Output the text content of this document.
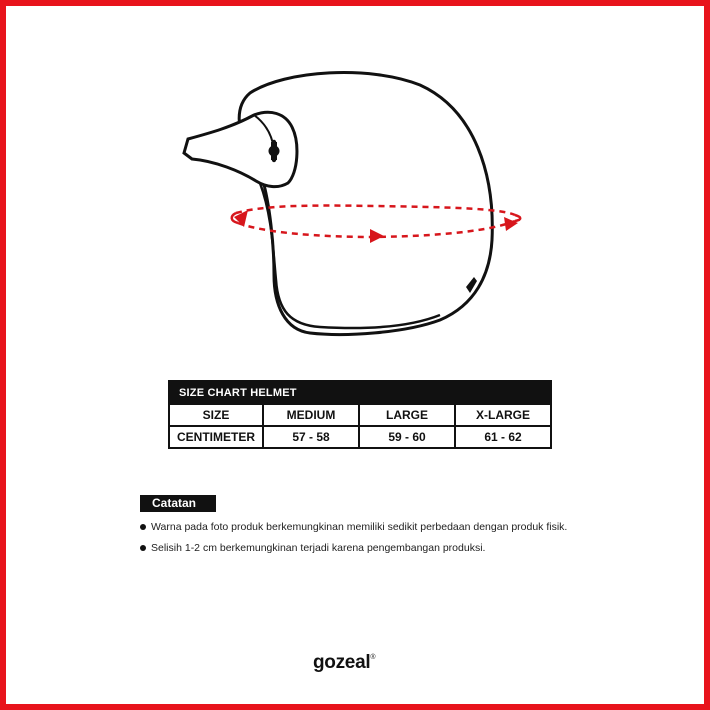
SIZE CHART HELMET			
SIZE	MEDIUM	LARGE	X-LARGE
CENTIMETER	57 - 58	59 - 60	61 - 62
Catatan
Warna pada foto produk berkemungkinan memiliki sedikit perbedaan dengan produk fisik.
Selisih 1-2 cm berkemungkinan terjadi karena pengembangan produksi.
gozeal®
